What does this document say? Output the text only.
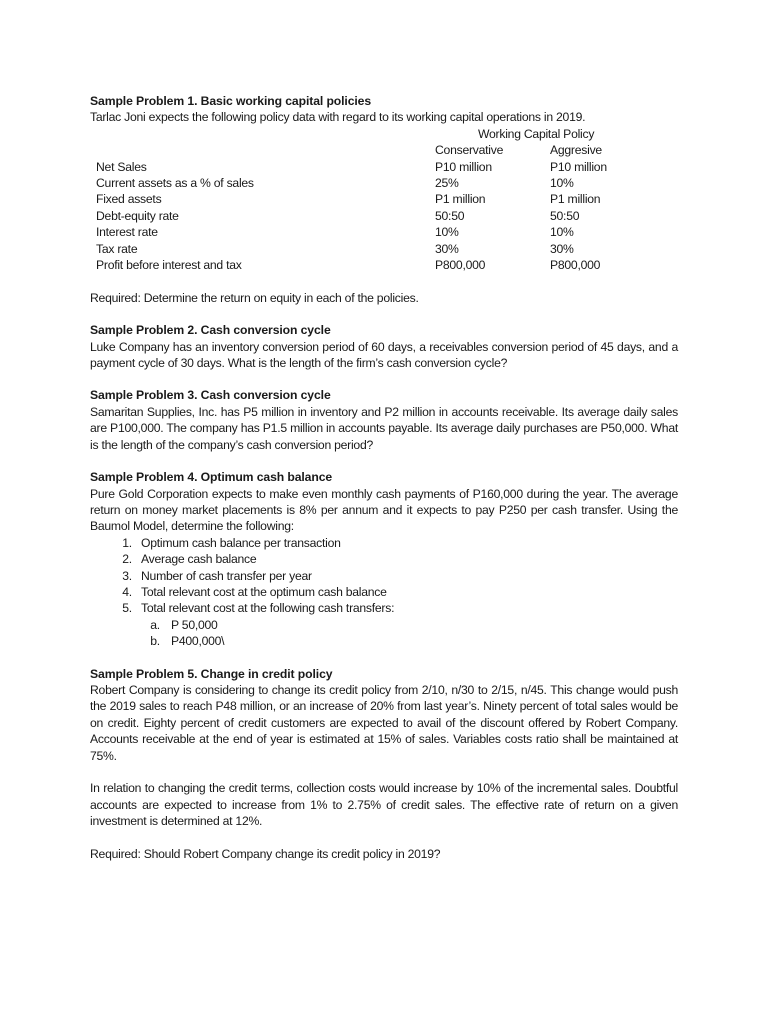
Sample Problem 1. Basic working capital policies

Tarlac Joni expects the following policy data with regard to its working capital operations in 2019.

Working Capital Policy		
	Conservative	Aggresive
Net Sales	P10 million	P10 million
Current assets as a % of sales	25%	10%
Fixed assets	P1 million	P1 million
Debt-equity rate	50:50	50:50
Interest rate	10%	10%
Tax rate	30%	30%
Profit before interest and tax	P800,000	P800,000

Required: Determine the return on equity in each of the policies.

Sample Problem 2. Cash conversion cycle

Luke Company has an inventory conversion period of 60 days, a receivables conversion period of 45 days, and a payment cycle of 30 days. What is the length of the firm’s cash conversion cycle?

Sample Problem 3. Cash conversion cycle

Samaritan Supplies, Inc. has P5 million in inventory and P2 million in accounts receivable. Its average daily sales are P100,000. The company has P1.5 million in accounts payable. Its average daily purchases are P50,000. What is the length of the company’s cash conversion period?

Sample Problem 4. Optimum cash balance

Pure Gold Corporation expects to make even monthly cash payments of P160,000 during the year. The average return on money market placements is 8% per annum and it expects to pay P250 per cash transfer. Using the Baumol Model, determine the following:

1. Optimum cash balance per transaction
2. Average cash balance
3. Number of cash transfer per year
4. Total relevant cost at the optimum cash balance
5. Total relevant cost at the following cash transfers:
a. P 50,000
b. P400,000\

Sample Problem 5. Change in credit policy

Robert Company is considering to change its credit policy from 2/10, n/30 to 2/15, n/45. This change would push the 2019 sales to reach P48 million, or an increase of 20% from last year’s. Ninety percent of total sales would be on credit. Eighty percent of credit customers are expected to avail of the discount offered by Robert Company. Accounts receivable at the end of year is estimated at 15% of sales. Variables costs ratio shall be maintained at 75%.

In relation to changing the credit terms, collection costs would increase by 10% of the incremental sales. Doubtful accounts are expected to increase from 1% to 2.75% of credit sales. The effective rate of return on a given investment is determined at 12%.

Required: Should Robert Company change its credit policy in 2019?
